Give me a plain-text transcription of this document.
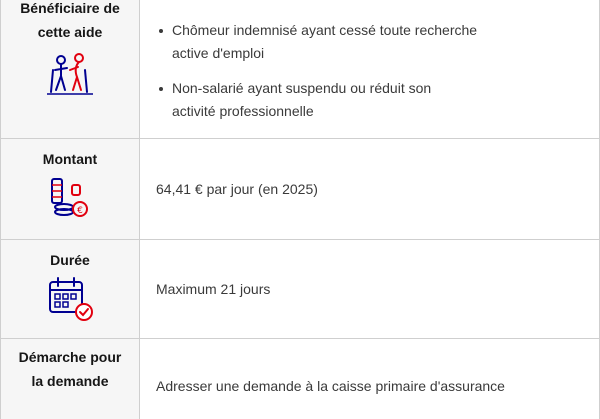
Bénéficiaire de
cette aide	Chômeur indemnisé ayant cessé toute recherche
active d'emploi
Non-salarié ayant suspendu ou réduit son
activité professionnelle
Montant
€
64,41 € par jour (en 2025)
Durée
Maximum 21 jours
Démarche pour
la demande	Adresser une demande à la caisse primaire d'assurance
